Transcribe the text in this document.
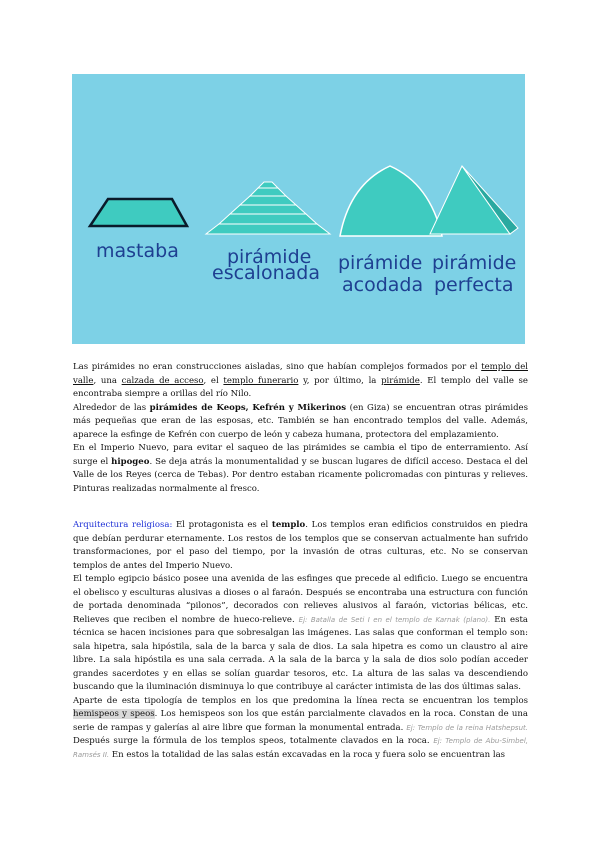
mastaba	pirámide
escalonada pirámide
acodada
pirámide
perfecta

Las pirámides no eran construcciones aisladas, sino que habían complejos formados por el templo del valle, una calzada de acceso, el templo funerario y, por último, la pirámide. El templo del valle se encontraba siempre a orillas del río Nilo.

Alrededor de las pirámides de Keops, Kefrén y Mikerinos (en Giza) se encuentran otras pirámides más pequeñas que eran de las esposas, etc. También se han encontrado templos del valle. Además, aparece la esfinge de Kefrén con cuerpo de león y cabeza humana, protectora del emplazamiento.

En el Imperio Nuevo, para evitar el saqueo de las pirámides se cambia el tipo de enterramiento. Así surge el hipogeo. Se deja atrás la monumentalidad y se buscan lugares de difícil acceso. Destaca el del Valle de los Reyes (cerca de Tebas). Por dentro estaban ricamente policromadas con pinturas y relieves. Pinturas realizadas normalmente al fresco.

Arquitectura religiosa: El protagonista es el templo. Los templos eran edificios construidos en piedra que debían perdurar eternamente. Los restos de los templos que se conservan actualmente han sufrido transformaciones, por el paso del tiempo, por la invasión de otras culturas, etc. No se conservan templos de antes del Imperio Nuevo.

El templo egipcio básico posee una avenida de las esfinges que precede al edificio. Luego se encuentra el obelisco y esculturas alusivas a dioses o al faraón. Después se encontraba una estructura con función de portada denominada “pilonos”, decorados con relieves alusivos al faraón, victorias bélicas, etc. Relieves que reciben el nombre de hueco-relieve. Ej: Batalla de Seti I en el templo de Karnak (plano). En esta técnica se hacen incisiones para que sobresalgan las imágenes. Las salas que conforman el templo son: sala hipetra, sala hipóstila, sala de la barca y sala de dios. La sala hipetra es como un claustro al aire libre. La sala hipóstila es una sala cerrada. A la sala de la barca y la sala de dios solo podían acceder grandes sacerdotes y en ellas se solían guardar tesoros, etc. La altura de las salas va descendiendo buscando que la iluminación disminuya lo que contribuye al carácter intimista de las dos últimas salas.

Aparte de esta tipología de templos en los que predomina la línea recta se encuentran los templos hemispeos y speos. Los hemispeos son los que están parcialmente clavados en la roca. Constan de una serie de rampas y galerías al aire libre que forman la monumental entrada. Ej: Templo de la reina Hatshepsut. Después surge la fórmula de los templos speos, totalmente clavados en la roca. Ej: Templo de Abu-Simbel, Ramsés II. En estos la totalidad de las salas están excavadas en la roca y fuera solo se encuentran las
